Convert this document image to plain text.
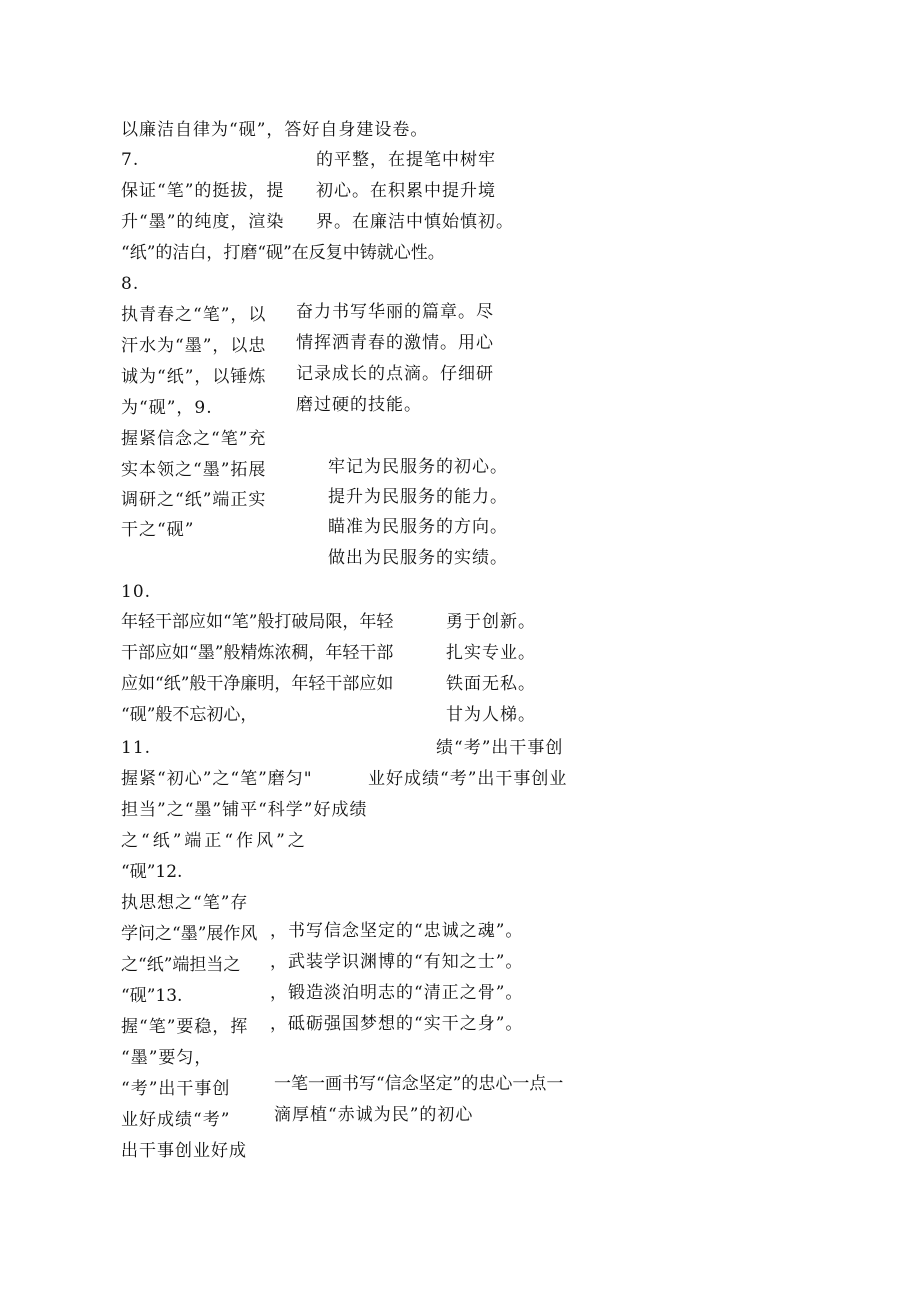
以廉洁自律为“砚”，答好自身建设卷。
7.	的平整，在提笔中树牢
保证“笔”的挺拔，提 初心。在积累中提升境
升“墨”的纯度，渲染 界。在廉洁中慎始慎初。
“纸”的洁白，打磨“砚”在反复中铸就心性。
8.
执青春之“笔”，以 奋力书写华丽的篇章。尽
汗水为“墨”，以忠 情挥洒青春的激情。用心
诚为“纸”，以锤炼 记录成长的点滴。仔细研
为“砚”，9.	磨过硬的技能。
握紧信念之“笔”充
实本领之“墨”拓展	牢记为民服务的初心。
调研之“纸”端正实	提升为民服务的能力。
干之“砚”	瞄准为民服务的方向。
做出为民服务的实绩。
10.
年轻干部应如“笔”般打破局限，年轻	勇于创新。
干部应如“墨”般精炼浓稠，年轻干部	扎实专业。
应如“纸”般干净廉明，年轻干部应如	铁面无私。
“砚”般不忘初心，	甘为人梯。
11.	绩“考”出干事创
握紧“初心”之“笔”磨匀"	业好成绩“考”出干事创业
担当”之“墨”铺平“科学”好成绩
之“纸”端正“作风”之
“砚”12.
执思想之“笔”存
学问之“墨”展作风 ，书写信念坚定的“忠诚之魂”。
之“纸”端担当之 ，武装学识渊博的“有知之士”。
“砚”13.	，锻造淡泊明志的“清正之骨”。
握“笔”要稳，挥 ，砥砺强国梦想的“实干之身”。
“墨”要匀，
“考”出干事创	一笔一画书写“信念坚定”的忠心一点一
业好成绩“考”	滴厚植“赤诚为民”的初心
出干事创业好成
